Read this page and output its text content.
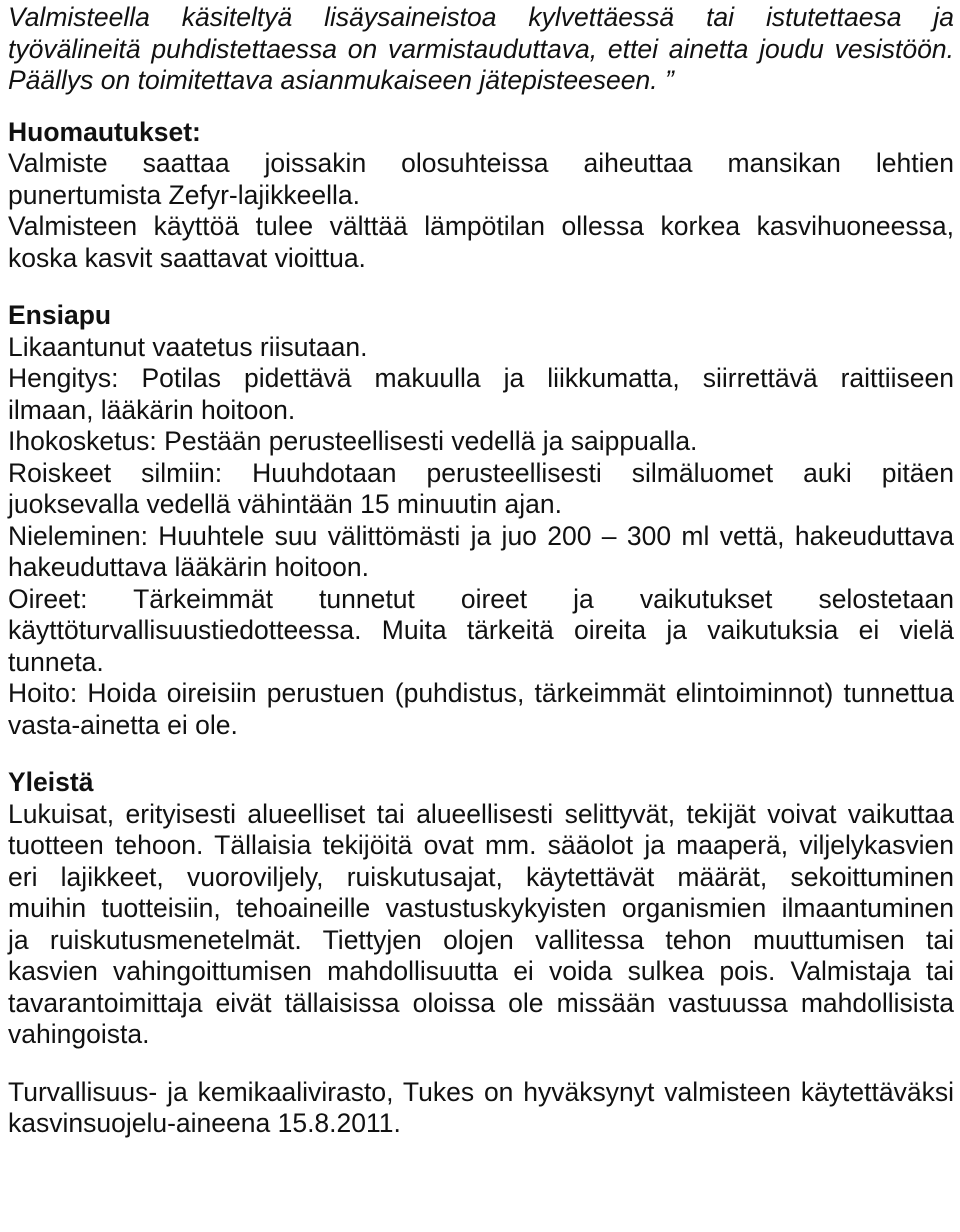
Valmisteella käsiteltyä lisäysaineistoa kylvettäessä tai istutettaesa ja
työvälineitä puhdistettaessa on varmistauduttava, ettei ainetta joudu vesistöön.
Päällys on toimitettava asianmukaiseen jätepisteeseen. ”
Huomautukset:
Valmiste saattaa joissakin olosuhteissa aiheuttaa mansikan lehtien
punertumista Zefyr-lajikkeella.
Valmisteen käyttöä tulee välttää lämpötilan ollessa korkea kasvihuoneessa,
koska kasvit saattavat vioittua.
Ensiapu
Likaantunut vaatetus riisutaan.
Hengitys: Potilas pidettävä makuulla ja liikkumatta, siirrettävä raittiiseen
ilmaan, lääkärin hoitoon.
Ihokosketus: Pestään perusteellisesti vedellä ja saippualla.
Roiskeet silmiin: Huuhdotaan perusteellisesti silmäluomet auki pitäen
juoksevalla vedellä vähintään 15 minuutin ajan.
Nieleminen: Huuhtele suu välittömästi ja juo 200 – 300 ml vettä, hakeuduttava
hakeuduttava lääkärin hoitoon.
Oireet: Tärkeimmät tunnetut oireet ja vaikutukset selostetaan
käyttöturvallisuustiedotteessa. Muita tärkeitä oireita ja vaikutuksia ei vielä
tunneta.
Hoito: Hoida oireisiin perustuen (puhdistus, tärkeimmät elintoiminnot) tunnettua
vasta-ainetta ei ole.
Yleistä
Lukuisat, erityisesti alueelliset tai alueellisesti selittyvät, tekijät voivat vaikuttaa
tuotteen tehoon. Tällaisia tekijöitä ovat mm. sääolot ja maaperä, viljelykasvien
eri lajikkeet, vuoroviljely, ruiskutusajat, käytettävät määrät, sekoittuminen
muihin tuotteisiin, tehoaineille vastustuskykyisten organismien ilmaantuminen
ja ruiskutusmenetelmät. Tiettyjen olojen vallitessa tehon muuttumisen tai
kasvien vahingoittumisen mahdollisuutta ei voida sulkea pois. Valmistaja tai
tavarantoimittaja eivät tällaisissa oloissa ole missään vastuussa mahdollisista
vahingoista.
Turvallisuus- ja kemikaalivirasto, Tukes on hyväksynyt valmisteen käytettäväksi
kasvinsuojelu-aineena 15.8.2011.
